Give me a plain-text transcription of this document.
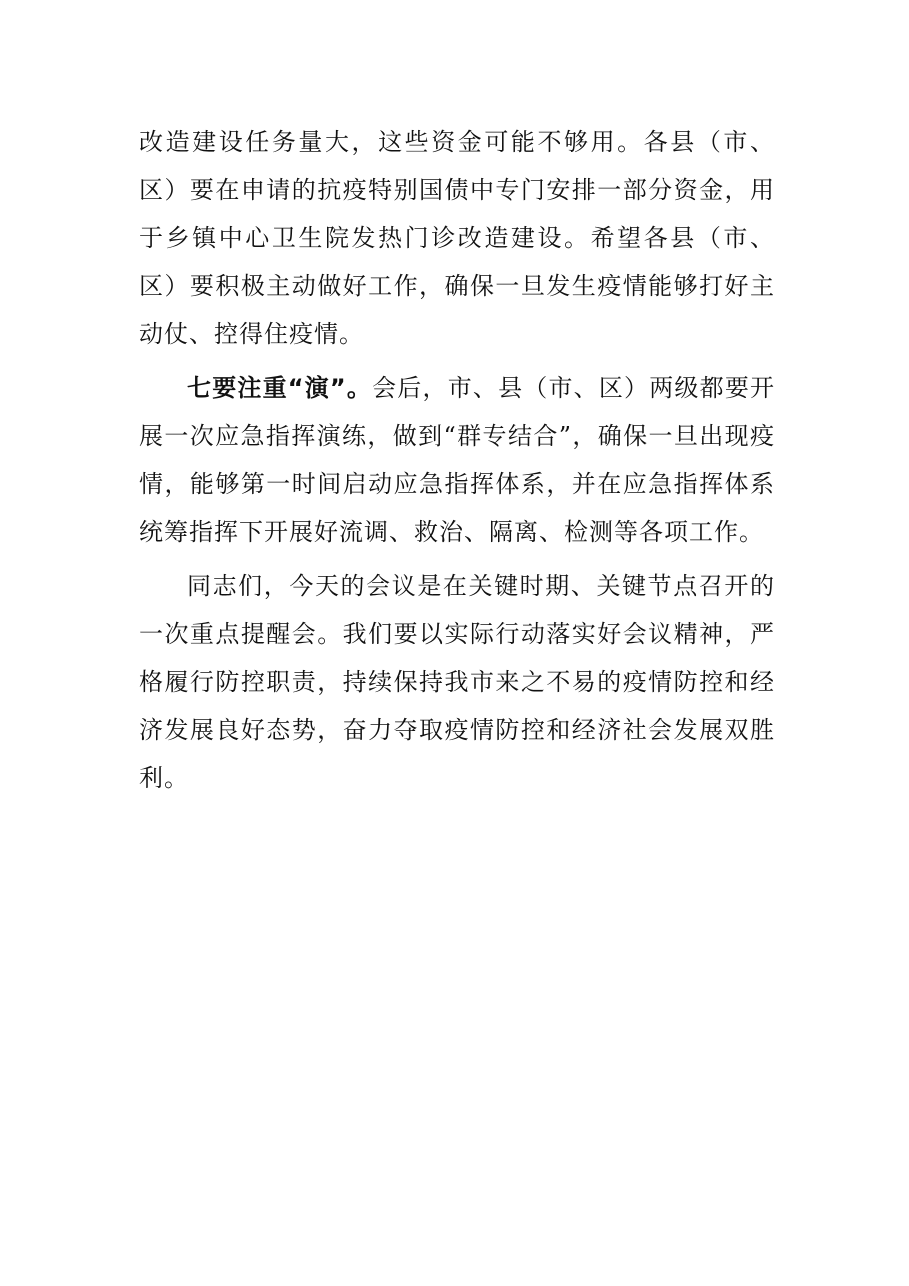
改造建设任务量大，这些资金可能不够用。各县（市、区）要在申请的抗疫特别国债中专门安排一部分资金，用于乡镇中心卫生院发热门诊改造建设。希望各县（市、区）要积极主动做好工作，确保一旦发生疫情能够打好主动仗、控得住疫情。

七要注重“演”。会后，市、县（市、区）两级都要开展一次应急指挥演练，做到“群专结合”，确保一旦出现疫情，能够第一时间启动应急指挥体系，并在应急指挥体系统筹指挥下开展好流调、救治、隔离、检测等各项工作。

同志们，今天的会议是在关键时期、关键节点召开的一次重点提醒会。我们要以实际行动落实好会议精神，严格履行防控职责，持续保持我市来之不易的疫情防控和经济发展良好态势，奋力夺取疫情防控和经济社会发展双胜利。
